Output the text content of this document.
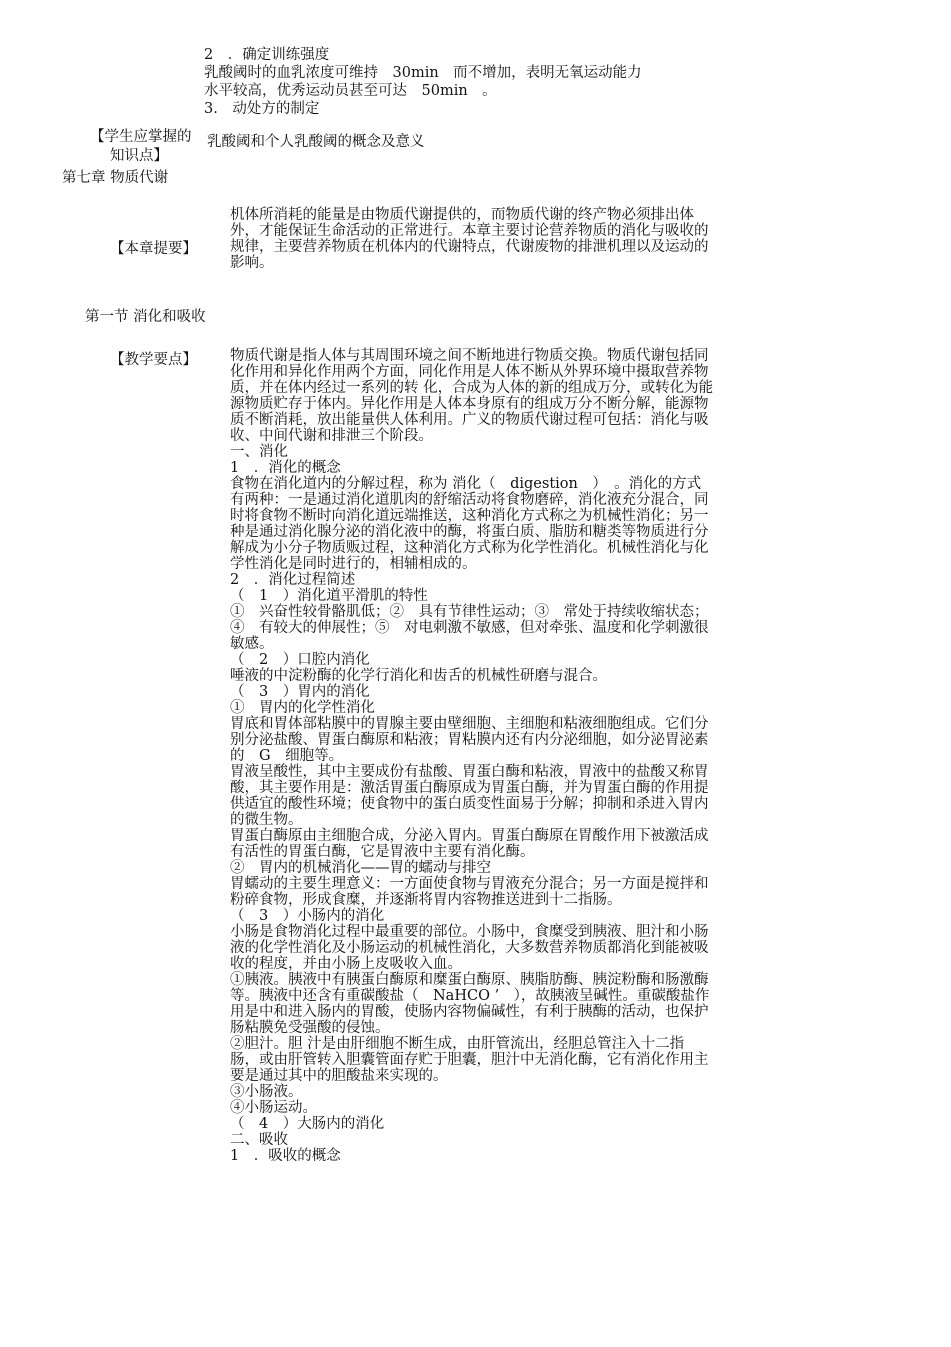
2　．确定训练强度
乳酸阈时的血乳浓度可维持　30min　而不增加，表明无氧运动能力
水平较高，优秀运动员甚至可达　50min　。
3.　动处方的制定
【学生应掌握的
知识点】
乳酸阈和个人乳酸阈的概念及意义
第七章 物质代谢
【本章提要】
机体所消耗的能量是由物质代谢提供的，而物质代谢的终产物必须排出体
外，才能保证生命活动的正常进行。本章主要讨论营养物质的消化与吸收的
规律，主要营养物质在机体内的代谢特点，代谢废物的排泄机理以及运动的
影响。
第一节 消化和吸收
【教学要点】 物质代谢是指人体与其周围环境之间不断地进行物质交换。物质代谢包括同
化作用和异化作用两个方面，同化作用是人体不断从外界环境中摄取营养物
质，并在体内经过一系列的转 化，合成为人体的新的组成万分，或转化为能
源物质贮存于体内。异化作用是人体本身原有的组成万分不断分解，能源物
质不断消耗，放出能量供人体利用。广义的物质代谢过程可包括：消化与吸
收、中间代谢和排泄三个阶段。
一、消化
1　．消化的概念
食物在消化道内的分解过程，称为 消化（　digestion　）　。消化的方式
有两种：一是通过消化道肌肉的舒缩活动将食物磨碎，消化液充分混合，同
时将食物不断时向消化道远端推送，这种消化方式称之为机械性消化；另一
种是通过消化腺分泌的消化液中的酶，将蛋白质、脂肪和糖类等物质进行分
解成为小分子物质贩过程，这种消化方式称为化学性消化。机械性消化与化
学性消化是同时进行的，相辅相成的。
2　．消化过程简述
（　1　）消化道平滑肌的特性
①　兴奋性较骨骼肌低；②　具有节律性运动；③　常处于持续收缩状态；
④　有较大的伸展性；⑤　对电刺激不敏感，但对牵张、温度和化学刺激很
敏感。
（　2　）口腔内消化
唾液的中淀粉酶的化学行消化和齿舌的机械性研磨与混合。
（　3　）胃内的消化
①　胃内的化学性消化
胃底和胃体部粘膜中的胃腺主要由壁细胞、主细胞和粘液细胞组成。它们分
别分泌盐酸、胃蛋白酶原和粘液；胃粘膜内还有内分泌细胞，如分泌胃泌素
的　G　细胞等。
胃液呈酸性，其中主要成份有盐酸、胃蛋白酶和粘液，胃液中的盐酸又称胃
酸，其主要作用是：激活胃蛋白酶原成为胃蛋白酶，并为胃蛋白酶的作用提
供适宜的酸性环境；使食物中的蛋白质变性面易于分解；抑制和杀进入胃内
的微生物。
胃蛋白酶原由主细胞合成，分泌入胃内。胃蛋白酶原在胃酸作用下被激活成
有活性的胃蛋白酶，它是胃液中主要有消化酶。
②　胃内的机械消化——胃的蠕动与排空
胃蠕动的主要生理意义：一方面使食物与胃液充分混合；另一方面是搅拌和
粉碎食物，形成食糜，并逐渐将胃内容物推送进到十二指肠。
（　3　）小肠内的消化
小肠是食物消化过程中最重要的部位。小肠中，食糜受到胰液、胆汁和小肠
液的化学性消化及小肠运动的机械性消化，大多数营养物质都消化到能被吸
收的程度，并由小肠上皮吸收入血。
①胰液。胰液中有胰蛋白酶原和糜蛋白酶原、胰脂肪酶、胰淀粉酶和肠激酶
等。胰液中还含有重碳酸盐（　NaHCO ’　），故胰液呈碱性。重碳酸盐作
用是中和进入肠内的胃酸，使肠内容物偏碱性，有利于胰酶的活动，也保护
肠粘膜免受强酸的侵蚀。
②胆汁。胆 汁是由肝细胞不断生成，由肝管流出，经胆总管注入十二指
肠，或由肝管转入胆囊管面存贮于胆囊，胆汁中无消化酶，它有消化作用主
要是通过其中的胆酸盐来实现的。
③小肠液。
④小肠运动。
（　4　）大肠内的消化
二、吸收
1　．吸收的概念
